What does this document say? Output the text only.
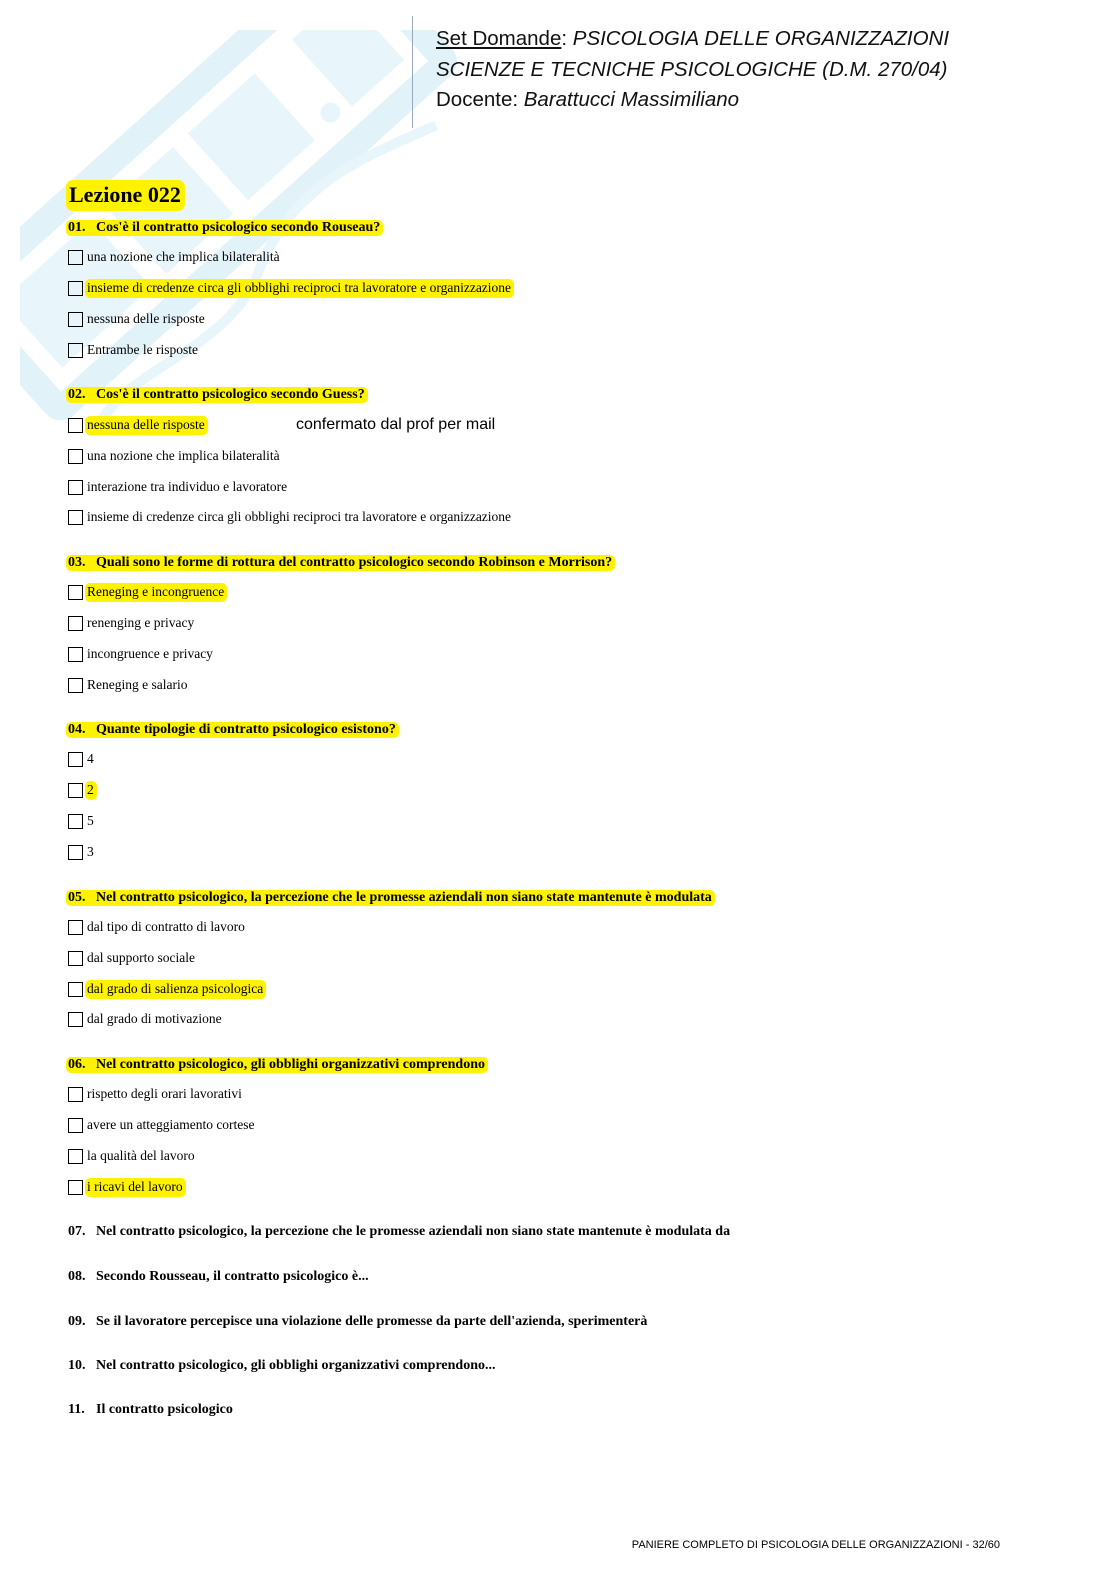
Set Domande: PSICOLOGIA DELLE ORGANIZZAZIONI
SCIENZE E TECNICHE PSICOLOGICHE (D.M. 270/04)
Docente: Barattucci Massimiliano
Lezione 022
01. Cos'è il contratto psicologico secondo Rouseau?
una nozione che implica bilateralità
insieme di credenze circa gli obblighi reciproci tra lavoratore e organizzazione
nessuna delle risposte
Entrambe le risposte
02. Cos'è il contratto psicologico secondo Guess?
nessuna delle risposte	confermato dal prof per mail
una nozione che implica bilateralità
interazione tra individuo e lavoratore
insieme di credenze circa gli obblighi reciproci tra lavoratore e organizzazione
03. Quali sono le forme di rottura del contratto psicologico secondo Robinson e Morrison?
Reneging e incongruence
renenging e privacy
incongruence e privacy
Reneging e salario
04. Quante tipologie di contratto psicologico esistono?
4
2
5
3
05. Nel contratto psicologico, la percezione che le promesse aziendali non siano state mantenute è modulata
dal tipo di contratto di lavoro
dal supporto sociale
dal grado di salienza psicologica
dal grado di motivazione
06. Nel contratto psicologico, gli obblighi organizzativi comprendono
rispetto degli orari lavorativi
avere un atteggiamento cortese
la qualità del lavoro
i ricavi del lavoro
07. Nel contratto psicologico, la percezione che le promesse aziendali non siano state mantenute è modulata da
08. Secondo Rousseau, il contratto psicologico è...
09. Se il lavoratore percepisce una violazione delle promesse da parte dell'azienda, sperimenterà
10. Nel contratto psicologico, gli obblighi organizzativi comprendono...
11. Il contratto psicologico
PANIERE COMPLETO DI PSICOLOGIA DELLE ORGANIZZAZIONI - 32/60
